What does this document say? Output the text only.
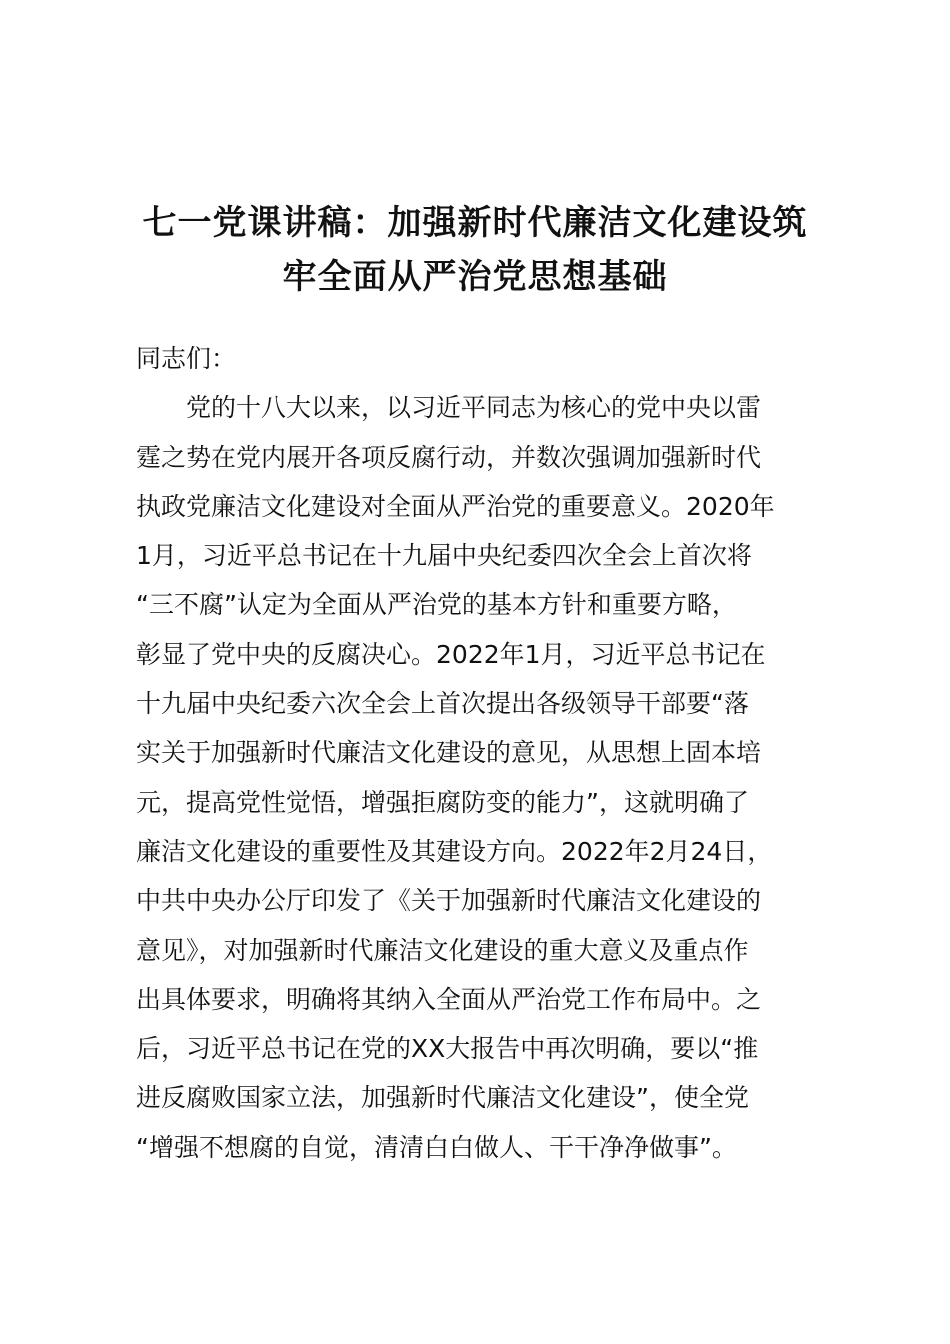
七一党课讲稿：加强新时代廉洁文化建设筑
牢全面从严治党思想基础
同志们：
党的十八大以来，以习近平同志为核心的党中央以雷
霆之势在党内展开各项反腐行动，并数次强调加强新时代
执政党廉洁文化建设对全面从严治党的重要意义。2020年
1月，习近平总书记在十九届中央纪委四次全会上首次将
“三不腐”认定为全面从严治党的基本方针和重要方略，
彰显了党中央的反腐决心。2022年1月，习近平总书记在
十九届中央纪委六次全会上首次提出各级领导干部要“落
实关于加强新时代廉洁文化建设的意见，从思想上固本培
元，提高党性觉悟，增强拒腐防变的能力”，这就明确了
廉洁文化建设的重要性及其建设方向。2022年2月24日，
中共中央办公厅印发了《关于加强新时代廉洁文化建设的
意见》，对加强新时代廉洁文化建设的重大意义及重点作
出具体要求，明确将其纳入全面从严治党工作布局中。之
后，习近平总书记在党的XX大报告中再次明确，要以“推
进反腐败国家立法，加强新时代廉洁文化建设”，使全党
“增强不想腐的自觉，清清白白做人、干干净净做事”。
